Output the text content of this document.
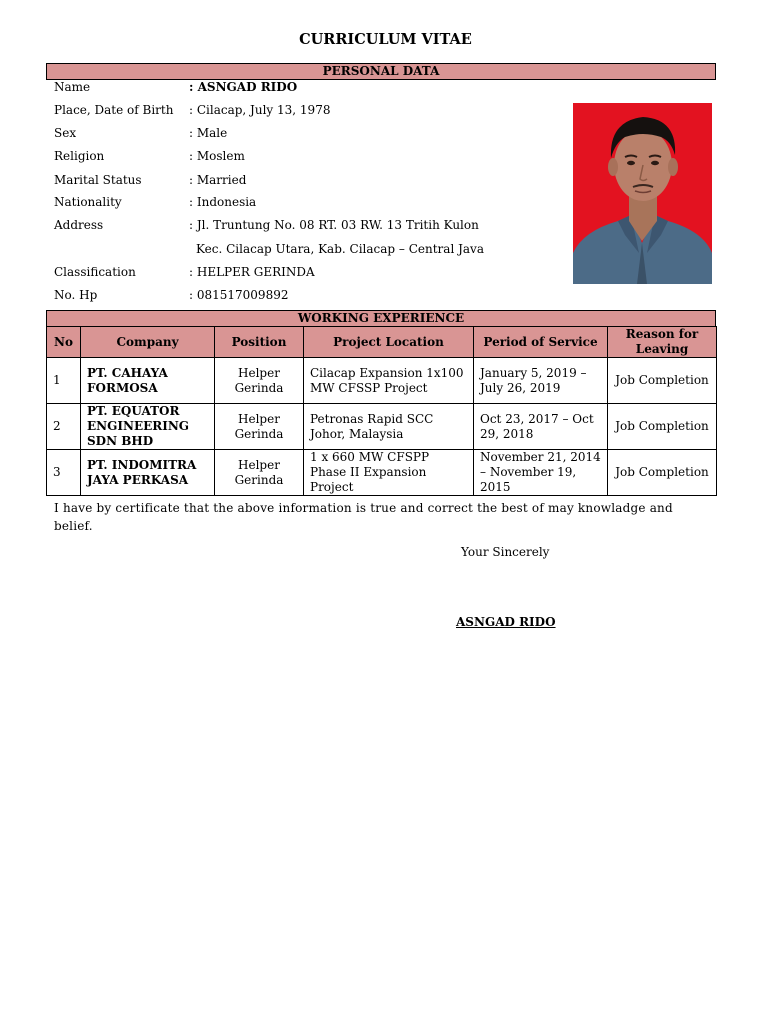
CURRICULUM VITAE
PERSONAL DATA
Name	: ASNGAD RIDO
Place, Date of Birth : Cilacap, July 13, 1978
Sex	: Male
Religion	: Moslem
Marital Status	: Married
Nationality	: Indonesia
Address	: Jl. Truntung No. 08 RT. 03 RW. 13 Tritih Kulon
Kec. Cilacap Utara, Kab. Cilacap – Central Java
Classification	: HELPER GERINDA
No. Hp	: 081517009892
WORKING EXPERIENCE
No	Company	Position	Project Location	Period of Service	Reason for Leaving
1	PT. CAHAYA FORMOSA	Helper Gerinda	Cilacap Expansion 1x100 MW CFSSP Project	January 5, 2019 – July 26, 2019	Job Completion
2	PT. EQUATOR ENGINEERING SDN BHD	Helper Gerinda	Petronas Rapid SCC Johor, Malaysia	Oct 23, 2017 – Oct 29, 2018	Job Completion
3	PT. INDOMITRA JAYA PERKASA	Helper Gerinda	1 x 660 MW CFSPP Phase II Expansion Project	November 21, 2014 – November 19, 2015	Job Completion
I have by certificate that the above information is true and correct the best of may knowladge and belief.
Your Sincerely
ASNGAD RIDO
